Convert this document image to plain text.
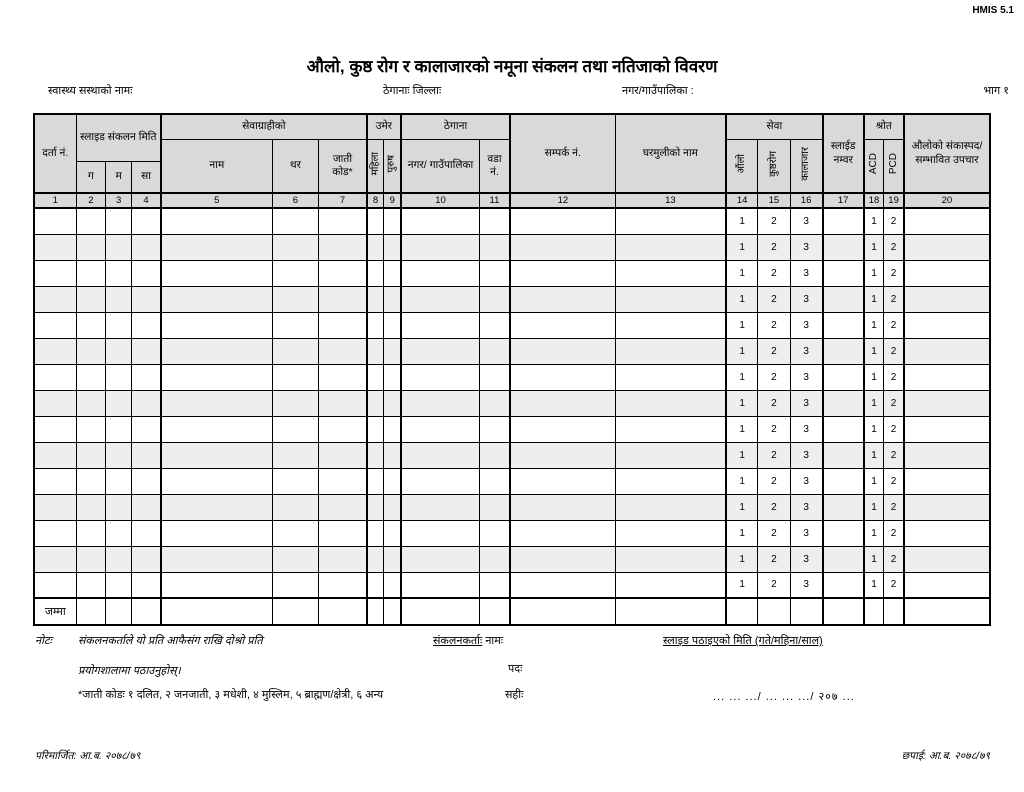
HMIS 5.1
औलो, कुष्ठ रोग र कालाजारको नमूना संकलन तथा नतिजाको विवरण
स्वास्थ्य सस्थाको नामः	ठेगानाः जिल्लाः	नगर/गाउँपालिका :	भाग १
दर्ता नं.	स्लाइड संकलन मिति			सेवाग्राहीको			उमेर		ठेगाना		सम्पर्क नं.	घरमुलीको नाम	सेवा			स्लाईड नम्वर	श्रोत		औलोको संकास्पद/ सम्भावित उपचार
				नाम	थर	जाती कोड*	महिला	पुरुष	नगर/ गाउँपालिका	वडा नं.			औंलो	कुष्ठरोग	कालाजार		ACD	PCD	
	ग	म	सा																
1	2	3	4	5	6	7	8	9	10	11	12	13	14	15	16	17	18	19	20
													1	2	3		1	2	
													1	2	3		1	2	
													1	2	3		1	2	
													1	2	3		1	2	
													1	2	3		1	2	
													1	2	3		1	2	
													1	2	3		1	2	
													1	2	3		1	2	
													1	2	3		1	2	
													1	2	3		1	2	
													1	2	3		1	2	
													1	2	3		1	2	
													1	2	3		1	2	
													1	2	3		1	2	
													1	2	3		1	2	
जम्मा																			
नोटः संकलनकर्ताले यो प्रति आफैसंग राखि दोश्रो प्रति
प्रयोगशालामा पठाउनुहोस्।
*जाती कोडः १ दलित, २ जनजाती, ३ मधेशी, ४ मुस्लिम, ५ ब्राह्मण/क्षेत्री, ६ अन्य
संकलनकर्ताः नामः
पदः
सहीः
स्लाइड पठाइएको मिति (गते/महिना/साल)
... ... .../ ... ... .../ २०७ ...
परिमार्जित: आ.ब. २०७८/७९	छपाई: आ.ब. २०७८/७९
